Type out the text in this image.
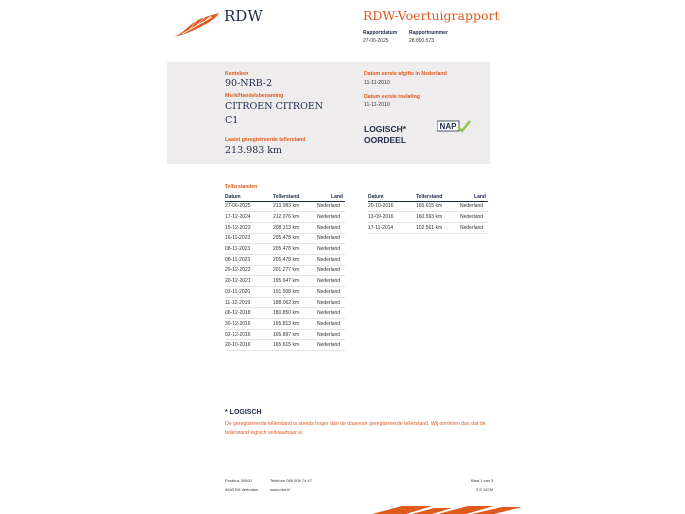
RDW	RDW-Voertuigrapport
Rapportdatum
27-06-2025
Rapportnummer
28.890.573
Kenteken
90-NRB-2
Merk/Handelsbenaming
CITROEN CITROEN
C1
Laatst geregistreerde tellerstand
213.983 km
Datum eerste afgifte in Nederland
11-11-2010
Datum eerste toelating
11-11-2010
LOGISCH*
OORDEEL
NAP
Tellerstanden
Datum	Tellerstand	Land
27-06-2025	213.983 km	Nederland
17-12-2024	212.076 km	Nederland
15-12-2023	208.313 km	Nederland
16-11-2023	205.478 km	Nederland
08-11-2023	205.478 km	Nederland
08-11-2023	205.478 km	Nederland
29-12-2022	201.277 km	Nederland
20-12-2021	195.647 km	Nederland
03-11-2020	191.508 km	Nederland
11-12-2019	188.062 km	Nederland
06-12-2018	180.850 km	Nederland
30-12-2016	165.813 km	Nederland
02-12-2016	165.897 km	Nederland
20-10-2016	165.615 km	Nederland
Datum	Tellerstand	Land
20-10-2016	165.615 km	Nederland
13-09-2016	160.593 km	Nederland
17-11-2014	102.561 km	Nederland
* LOGISCH
De geregistreerde tellerstand is steeds hoger dan de daarvoor geregistreerde tellerstand. Wij oordelen dan dat de tellerstand logisch verklaarbaar is.
Postbus 30000
9640 RA Veendam
Telefoon 088 008 74 47
www.rdw.nl
Blad 1 van 3
3 E 167M
